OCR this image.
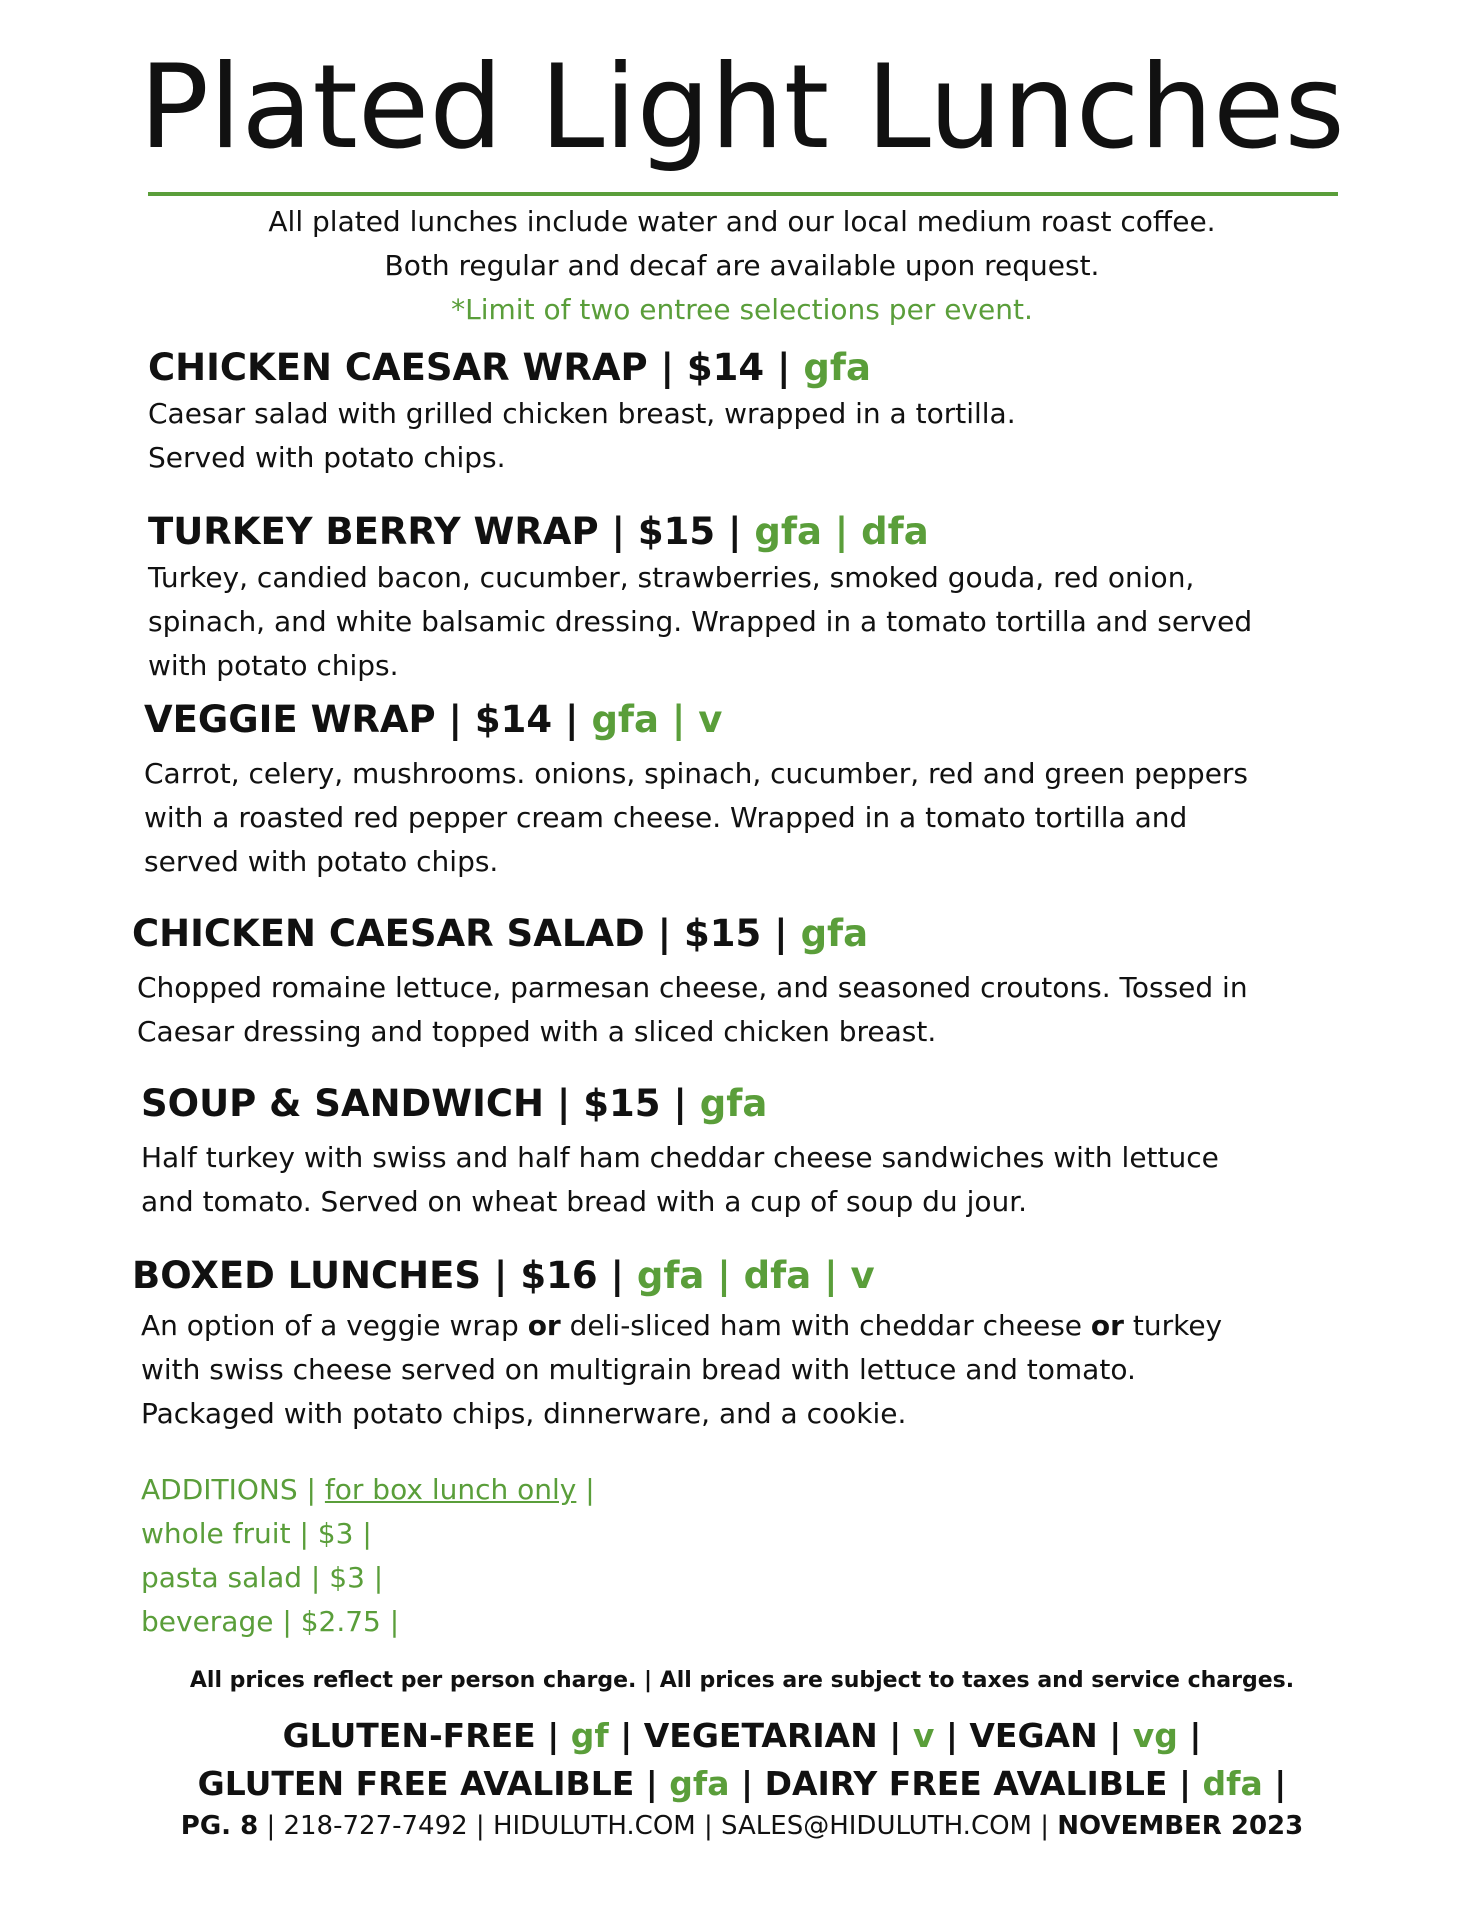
Plated Light Lunches
All plated lunches include water and our local medium roast coffee.
Both regular and decaf are available upon request.
*Limit of two entree selections per event.
CHICKEN CAESAR WRAP | $14 | gfa

Caesar salad with grilled chicken breast, wrapped in a tortilla.

Served with potato chips.

TURKEY BERRY WRAP | $15 | gfa | dfa

Turkey, candied bacon, cucumber, strawberries, smoked gouda, red onion,

spinach, and white balsamic dressing. Wrapped in a tomato tortilla and served

with potato chips.

VEGGIE WRAP | $14 | gfa | v

Carrot, celery, mushrooms. onions, spinach, cucumber, red and green peppers

with a roasted red pepper cream cheese. Wrapped in a tomato tortilla and

served with potato chips.

CHICKEN CAESAR SALAD | $15 | gfa

Chopped romaine lettuce, parmesan cheese, and seasoned croutons. Tossed in

Caesar dressing and topped with a sliced chicken breast.

SOUP & SANDWICH | $15 | gfa

Half turkey with swiss and half ham cheddar cheese sandwiches with lettuce

and tomato. Served on wheat bread with a cup of soup du jour.

BOXED LUNCHES | $16 | gfa | dfa | v

An option of a veggie wrap or deli-sliced ham with cheddar cheese or turkey

with swiss cheese served on multigrain bread with lettuce and tomato.

Packaged with potato chips, dinnerware, and a cookie.

ADDITIONS | for box lunch only |
whole fruit | $3 |
pasta salad | $3 |
beverage | $2.75 |
All prices reflect per person charge. | All prices are subject to taxes and service charges.
GLUTEN-FREE | gf | VEGETARIAN | v | VEGAN | vg |
GLUTEN FREE AVALIBLE | gfa | DAIRY FREE AVALIBLE | dfa |
PG. 8 | 218-727-7492 | HIDULUTH.COM | SALES@HIDULUTH.COM | NOVEMBER 2023
